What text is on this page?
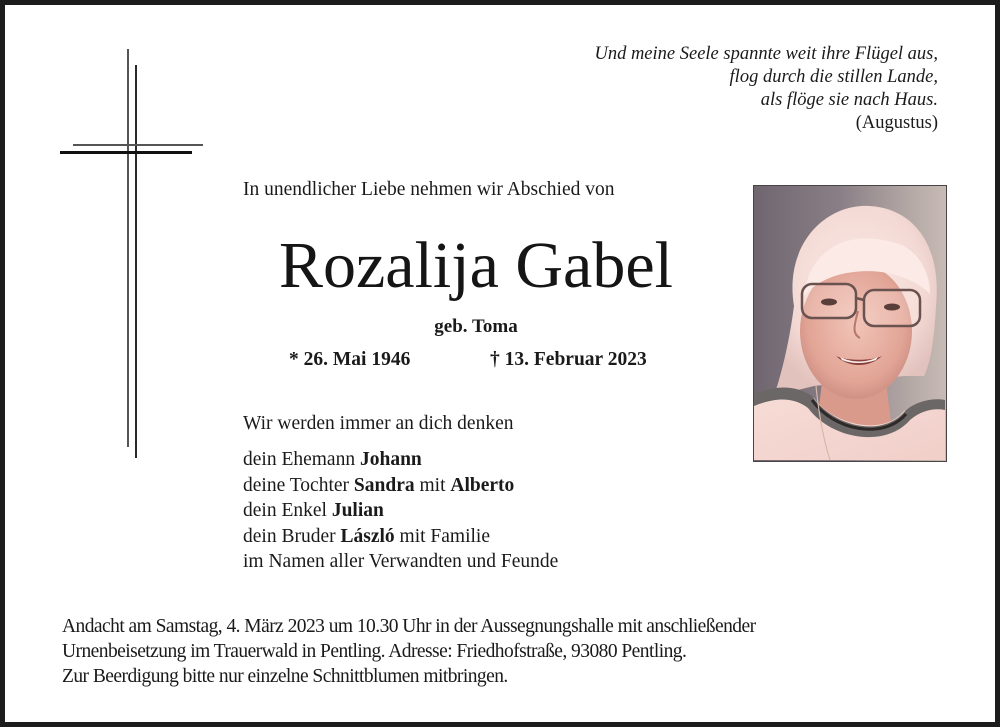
Und meine Seele spannte weit ihre Flügel aus,
flog durch die stillen Lande,
als flöge sie nach Haus.
(Augustus)
In unendlicher Liebe nehmen wir Abschied von
Rozalija Gabel
geb. Toma
* 26. Mai 1946	† 13. Februar 2023
Wir werden immer an dich denken
dein Ehemann Johann
deine Tochter Sandra mit Alberto
dein Enkel Julian
dein Bruder László mit Familie
im Namen aller Verwandten und Feunde
Andacht am Samstag, 4. März 2023 um 10.30 Uhr in der Aussegnungshalle mit anschließender
Urnenbeisetzung im Trauerwald in Pentling. Adresse: Friedhofstraße, 93080 Pentling.
Zur Beerdigung bitte nur einzelne Schnittblumen mitbringen.
